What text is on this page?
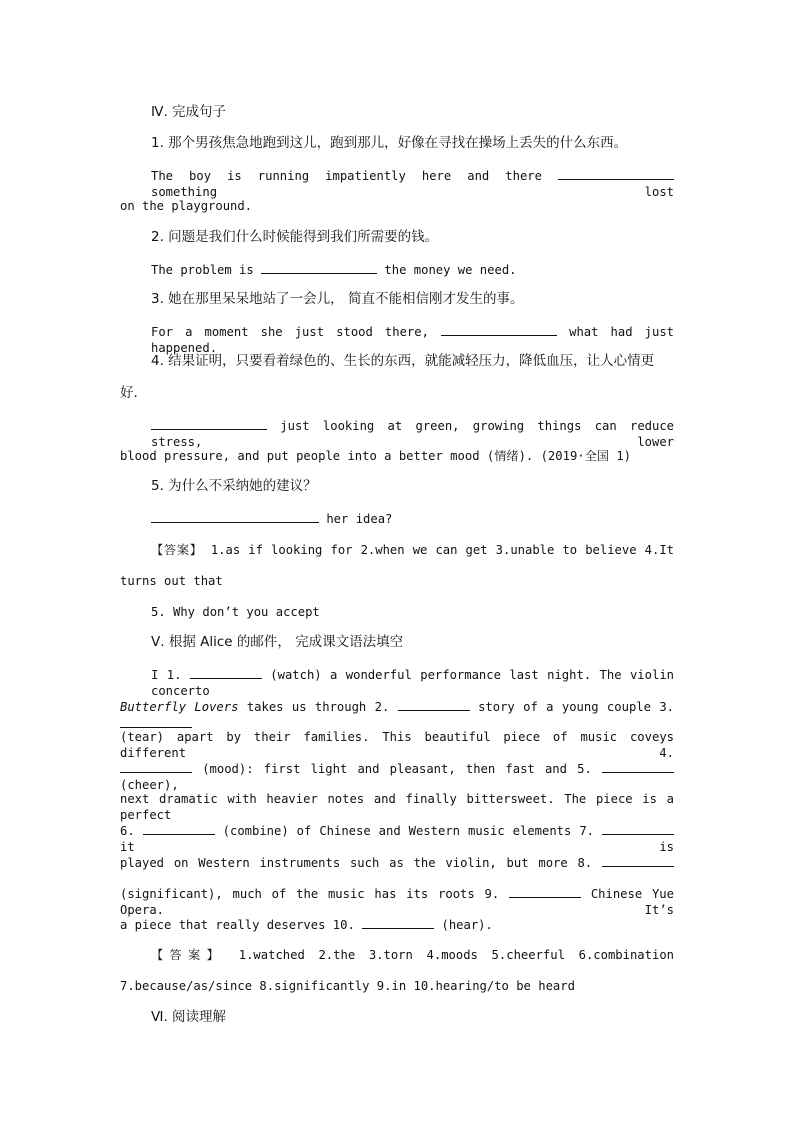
Ⅳ. 完成句子
1. 那个男孩焦急地跑到这儿，跑到那儿，好像在寻找在操场上丢失的什么东西。
The boy is running impatiently here and there  something lost
on the playground.
2. 问题是我们什么时候能得到我们所需要的钱。
The problem is	the money we need.
3. 她在那里呆呆地站了一会儿， 简直不能相信刚才发生的事。
For a moment she just stood there,	what had just happened.
4. 结果证明，只要看着绿色的、生长的东西，就能减轻压力，降低血压，让人心情更
好.
just looking at green, growing things can reduce stress, lower
blood pressure, and put people into a better mood (情绪). (2019·全国 1)
5. 为什么不采纳她的建议？
her idea?
【答案】 1.as if looking for 2.when we can get 3.unable to believe 4.It
turns out that
5. Why don’t you accept
Ⅴ. 根据 Alice 的邮件， 完成课文语法填空
I 1.	(watch) a wonderful performance last night. The violin concerto
Butterfly Lovers takes us through 2.	story of a young couple 3.
(tear) apart by their families. This beautiful piece of music coveys different 4.
(mood): first light and pleasant, then fast and 5.  (cheer),
next dramatic with heavier notes and finally bittersweet. The piece is a perfect
6.	(combine) of Chinese and Western music elements 7.  it is
played on Western instruments such as the violin, but more 8.
(significant), much of the music has its roots 9.	Chinese Yue Opera. It’s
a piece that really deserves 10.	(hear).
【答案】 1.watched 2.the 3.torn 4.moods 5.cheerful 6.combination
7.because/as/since 8.significantly 9.in 10.hearing/to be heard
Ⅵ. 阅读理解
